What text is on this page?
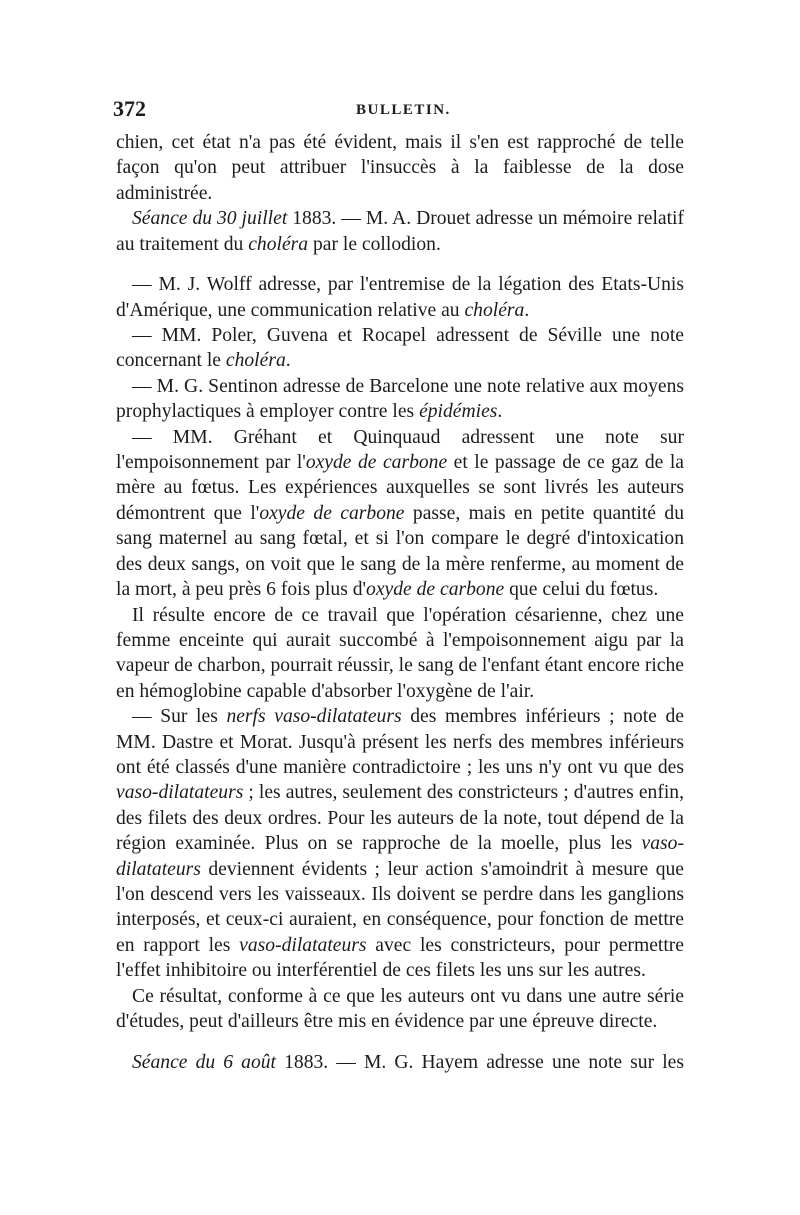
372	BULLETIN.

chien, cet état n'a pas été évident, mais il s'en est rapproché de telle façon qu'on peut attribuer l'insuccès à la faiblesse de la dose administrée.

Séance du 30 juillet 1883. — M. A. Drouet adresse un mémoire relatif au traitement du choléra par le collodion.

— M. J. Wolff adresse, par l'entremise de la légation des Etats-Unis d'Amérique, une communication relative au choléra.

— MM. Poler, Guvena et Rocapel adressent de Séville une note concernant le choléra.

— M. G. Sentinon adresse de Barcelone une note relative aux moyens prophylactiques à employer contre les épidémies.

— MM. Gréhant et Quinquaud adressent une note sur l'empoisonnement par l'oxyde de carbone et le passage de ce gaz de la mère au fœtus. Les expériences auxquelles se sont livrés les auteurs démontrent que l'oxyde de carbone passe, mais en petite quantité du sang maternel au sang fœtal, et si l'on compare le degré d'intoxication des deux sangs, on voit que le sang de la mère renferme, au moment de la mort, à peu près 6 fois plus d'oxyde de carbone que celui du fœtus.

Il résulte encore de ce travail que l'opération césarienne, chez une femme enceinte qui aurait succombé à l'empoisonnement aigu par la vapeur de charbon, pourrait réussir, le sang de l'enfant étant encore riche en hémoglobine capable d'absorber l'oxygène de l'air.

— Sur les nerfs vaso-dilatateurs des membres inférieurs ; note de MM. Dastre et Morat. Jusqu'à présent les nerfs des membres inférieurs ont été classés d'une manière contradictoire ; les uns n'y ont vu que des vaso-dilatateurs ; les autres, seulement des constricteurs ; d'autres enfin, des filets des deux ordres. Pour les auteurs de la note, tout dépend de la région examinée. Plus on se rapproche de la moelle, plus les vaso-dilatateurs deviennent évidents ; leur action s'amoindrit à mesure que l'on descend vers les vaisseaux. Ils doivent se perdre dans les ganglions interposés, et ceux-ci auraient, en conséquence, pour fonction de mettre en rapport les vaso-dilatateurs avec les constricteurs, pour permettre l'effet inhibitoire ou interférentiel de ces filets les uns sur les autres.

Ce résultat, conforme à ce que les auteurs ont vu dans une autre série d'études, peut d'ailleurs être mis en évidence par une épreuve directe.

Séance du 6 août 1883. — M. G. Hayem adresse une note sur les
